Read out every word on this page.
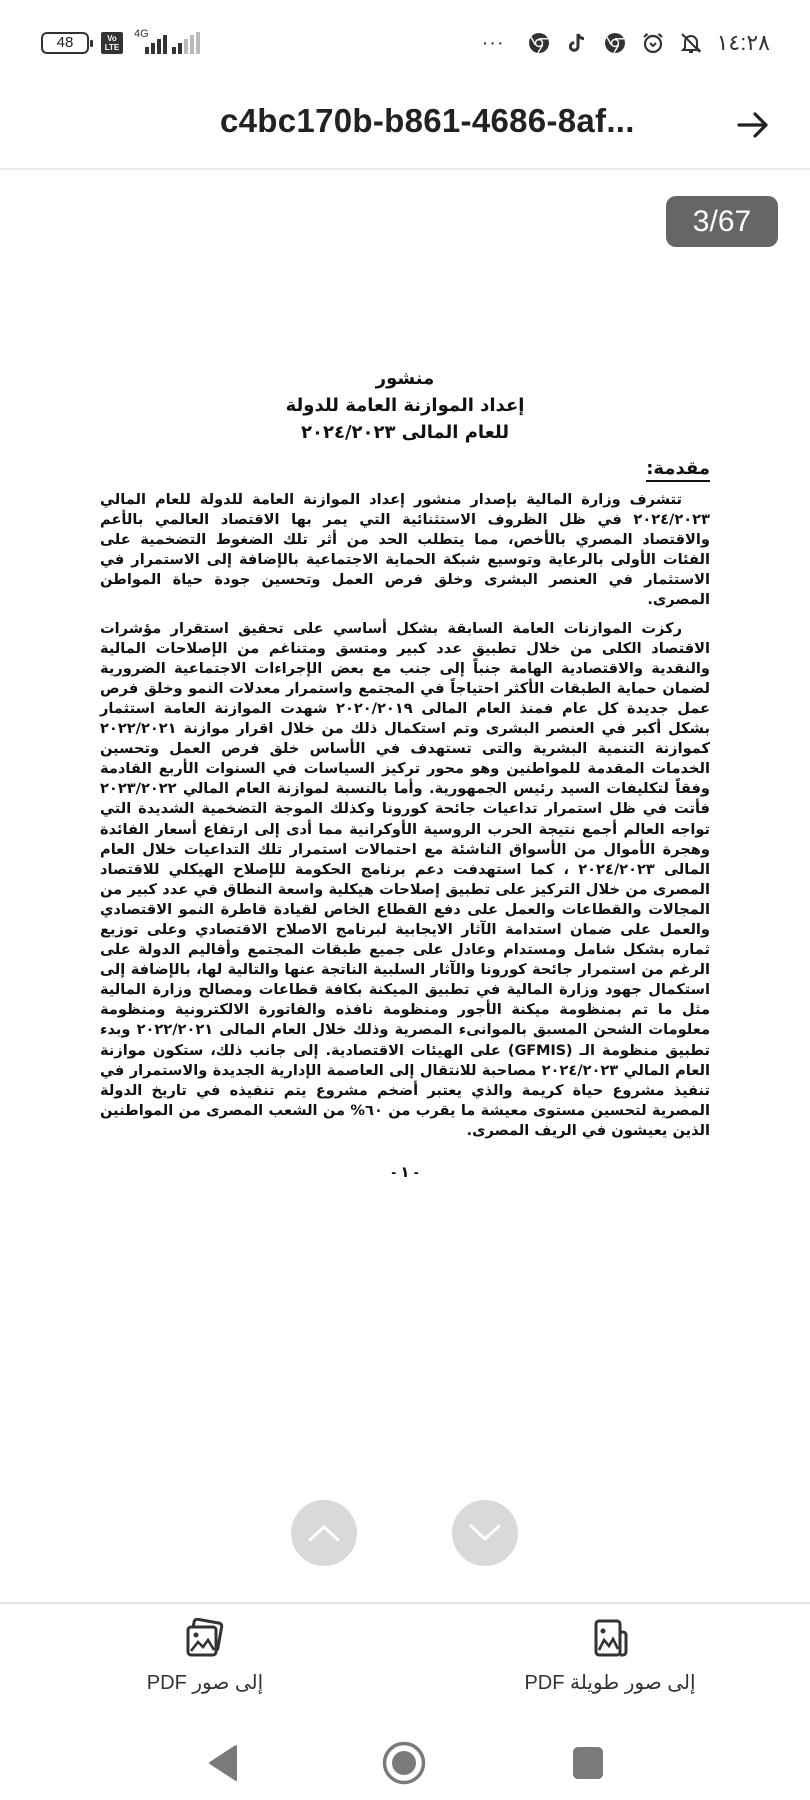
48	Vo
LTE
4G	···	١٤:٢٨
c4bc170b-b861-4686-8af...
3/67
منشور
إعداد الموازنة العامة للدولة
للعام المالى ٢٠٢٤/٢٠٢٣
مقدمة:

تتشرف وزارة المالية بإصدار منشور إعداد الموازنة العامة للدولة للعام المالي ٢٠٢٤/٢٠٢٣ في ظل الظروف الاستثنائية التي يمر بها الاقتصاد العالمي بالأعم والاقتصاد المصري بالأخص، مما يتطلب الحد من أثر تلك الضغوط التضخمية على الفئات الأولى بالرعاية وتوسيع شبكة الحماية الاجتماعية بالإضافة إلى الاستمرار في الاستثمار في العنصر البشرى وخلق فرص العمل وتحسين جودة حياة المواطن المصرى.

ركزت الموازنات العامة السابقة بشكل أساسي على تحقيق استقرار مؤشرات الاقتصاد الكلى من خلال تطبيق عدد كبير ومتسق ومتناغم من الإصلاحات المالية والنقدية والاقتصادية الهامة جنباً إلى جنب مع بعض الإجراءات الاجتماعية الضرورية لضمان حماية الطبقات الأكثر احتياجاً في المجتمع واستمرار معدلات النمو وخلق فرص عمل جديدة كل عام فمنذ العام المالى ٢٠٢٠/٢٠١٩ شهدت الموازنة العامة استثمار بشكل أكبر في العنصر البشرى وتم استكمال ذلك من خلال اقرار موازنة ٢٠٢٢/٢٠٢١ كموازنة التنمية البشرية والتى تستهدف في الأساس خلق فرص العمل وتحسين الخدمات المقدمة للمواطنين وهو محور تركيز السياسات في السنوات الأربع القادمة وفقاً لتكليفات السيد رئيس الجمهورية. وأما بالنسبة لموازنة العام المالي ٢٠٢٣/٢٠٢٢ فأتت في ظل استمرار تداعيات جائحة كورونا وكذلك الموجة التضخمية الشديدة التي تواجه العالم أجمع نتيجة الحرب الروسية الأوكرانية مما أدى إلى ارتفاع أسعار الفائدة وهجرة الأموال من الأسواق الناشئة مع احتمالات استمرار تلك التداعيات خلال العام المالى ٢٠٢٤/٢٠٢٣ ، كما استهدفت دعم برنامج الحكومة للإصلاح الهيكلي للاقتصاد المصرى من خلال التركيز على تطبيق إصلاحات هيكلية واسعة النطاق في عدد كبير من المجالات والقطاعات والعمل على دفع القطاع الخاص لقيادة قاطرة النمو الاقتصادي والعمل على ضمان استدامة الآثار الايجابية لبرنامج الاصلاح الاقتصادي وعلى توزيع ثماره بشكل شامل ومستدام وعادل على جميع طبقات المجتمع وأقاليم الدولة على الرغم من استمرار جائحة كورونا والآثار السلبية الناتجة عنها والتالية لها، بالإضافة إلى استكمال جهود وزارة المالية في تطبيق الميكنة بكافة قطاعات ومصالح وزارة المالية مثل ما تم بمنظومة ميكنة الأجور ومنظومة نافذه والفاتورة الالكترونية ومنظومة معلومات الشحن المسبق بالموانىء المصرية وذلك خلال العام المالى ٢٠٢٢/٢٠٢١ وبدء تطبيق منظومة الـ (GFMIS) على الهيئات الاقتصادية. إلى جانب ذلك، ستكون موازنة العام المالي ٢٠٢٤/٢٠٢٣ مصاحبة للانتقال إلى العاصمة الإدارية الجديدة والاستمرار في تنفيذ مشروع حياة كريمة والذي يعتبر أضخم مشروع يتم تنفيذه في تاريخ الدولة المصرية لتحسين مستوى معيشة ما يقرب من ٦٠% من الشعب المصرى من المواطنين الذين يعيشون في الريف المصرى.

- ١ -
إلى صور PDF	إلى صور طويلة PDF
